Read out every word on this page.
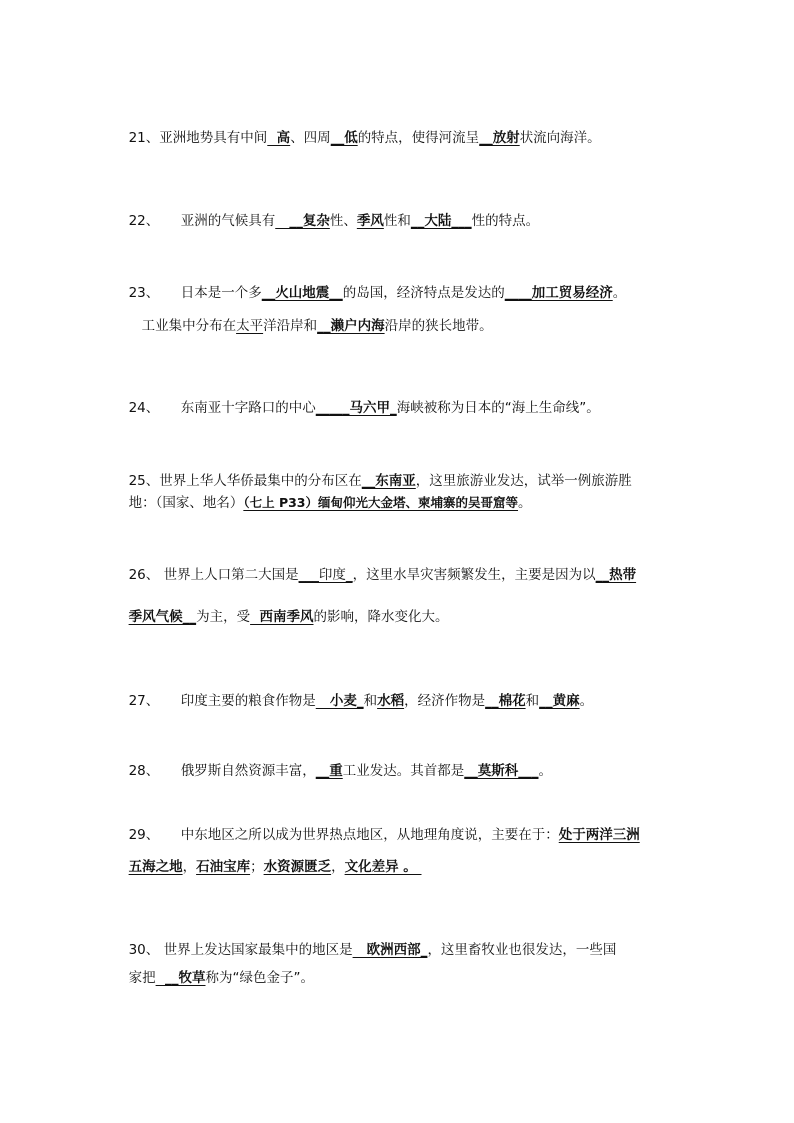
21、亚洲地势具有中间  高、四周__低的特点，使得河流呈__放射状流向海洋。

22、     亚洲的气候具有   __复杂性、季风性和__大陆___性的特点。

23、     日本是一个多__火山地震__的岛国，经济特点是发达的____加工贸易经济。

工业集中分布在太平洋沿岸和__濑户内海沿岸的狭长地带。

24、     东南亚十字路口的中心_____马六甲_海峡被称为日本的“海上生命线”。

25、世界上华人华侨最集中的分布区在__东南亚，这里旅游业发达，试举一例旅游胜

地：（国家、地名）（七上 P33）缅甸仰光大金塔、柬埔寨的吴哥窟等。

26、 世界上人口第二大国是___印度_，这里水旱灾害频繁发生，主要是因为以__热带

季风气候__为主，受  西南季风的影响，降水变化大。

27、     印度主要的粮食作物是   小麦_和水稻，经济作物是__棉花和__黄麻。

28、     俄罗斯自然资源丰富，__重工业发达。其首都是__莫斯科___。

29、     中东地区之所以成为世界热点地区，从地理角度说，主要在于：处于两洋三洲

五海之地，石油宝库；水资源匮乏，文化差异 。

30、 世界上发达国家最集中的地区是   欧洲西部_，这里畜牧业也很发达，一些国

家把  __牧草称为“绿色金子”。
